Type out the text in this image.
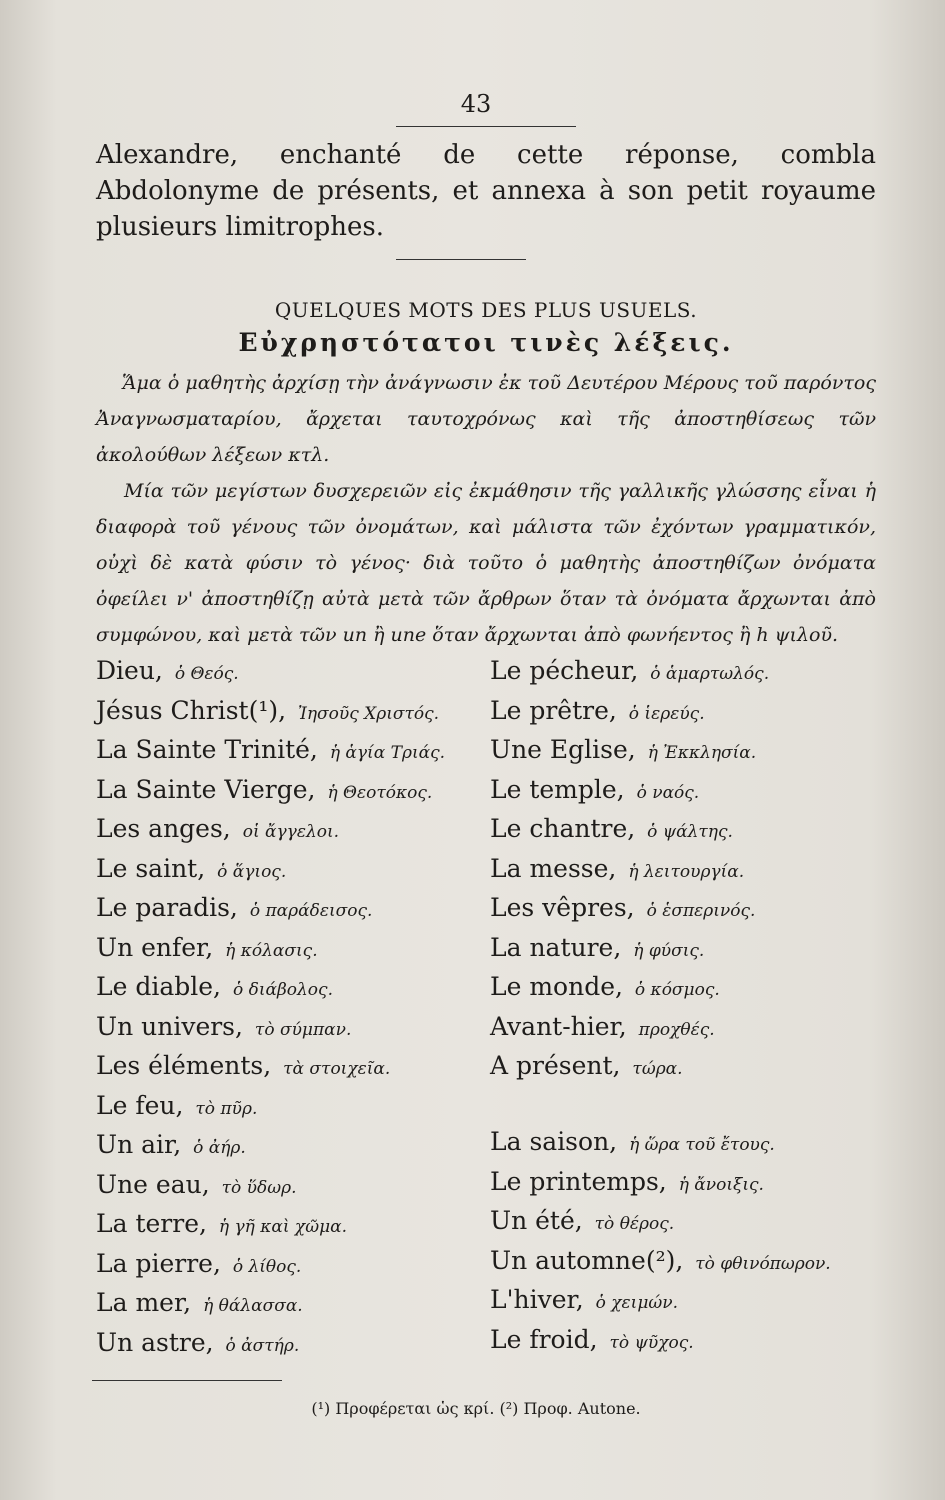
43
Alexandre, enchanté de cette réponse, combla Abdolonyme de présents, et annexa à son petit royaume plusieurs limitrophes.
QUELQUES MOTS DES PLUS USUELS.
Εὐχρηστότατοι τινὲς λέξεις.
Ἅμα ὁ μαθητὴς ἀρχίσῃ τὴν ἀνάγνωσιν ἐκ τοῦ Δευτέρου Μέρους τοῦ παρόντος Ἀναγνωσματαρίου, ἄρχεται ταυτοχρόνως καὶ τῆς ἀποστηθίσεως τῶν ἀκολούθων λέξεων κτλ.
Μία τῶν μεγίστων δυσχερειῶν εἰς ἐκμάθησιν τῆς γαλλικῆς γλώσσης εἶναι ἡ διαφορὰ τοῦ γένους τῶν ὀνομάτων, καὶ μάλιστα τῶν ἐχόντων γραμματικόν, οὐχὶ δὲ κατὰ φύσιν τὸ γένος· διὰ τοῦτο ὁ μαθητὴς ἀποστηθίζων ὀνόματα ὀφείλει ν' ἀποστηθίζῃ αὐτὰ μετὰ τῶν ἄρθρων ὅταν τὰ ὀνόματα ἄρχωνται ἀπὸ συμφώνου, καὶ μετὰ τῶν un ἢ une ὅταν ἄρχωνται ἀπὸ φωνήεντος ἢ h ψιλοῦ.
Dieu, ὁ Θεός.
Jésus Christ(¹), Ἰησοῦς Χριστός.
La Sainte Trinité, ἡ ἁγία Τριάς.
La Sainte Vierge, ἡ Θεοτόκος.
Les anges, οἱ ἄγγελοι.
Le saint, ὁ ἅγιος.
Le paradis, ὁ παράδεισος.
Un enfer, ἡ κόλασις.
Le diable, ὁ διάβολος.
Un univers, τὸ σύμπαν.
Les éléments, τὰ στοιχεῖα.
Le feu, τὸ πῦρ.
Un air, ὁ ἀήρ.
Une eau, τὸ ὕδωρ.
La terre, ἡ γῆ καὶ χῶμα.
La pierre, ὁ λίθος.
La mer, ἡ θάλασσα.
Un astre, ὁ ἀστήρ.
Le pécheur, ὁ ἁμαρτωλός.
Le prêtre, ὁ ἱερεύς.
Une Eglise, ἡ Ἐκκλησία.
Le temple, ὁ ναός.
Le chantre, ὁ ψάλτης.
La messe, ἡ λειτουργία.
Les vêpres, ὁ ἑσπερινός.
La nature, ἡ φύσις.
Le monde, ὁ κόσμος.
Avant-hier, προχθές.
A présent, τώρα.
La saison, ἡ ὥρα τοῦ ἔτους.
Le printemps, ἡ ἄνοιξις.
Un été, τὸ θέρος.
Un automne(²), τὸ φθινόπωρον.
L'hiver, ὁ χειμών.
Le froid, τὸ ψῦχος.
(¹) Προφέρεται ὡς κρί. (²) Προφ. Autone.
